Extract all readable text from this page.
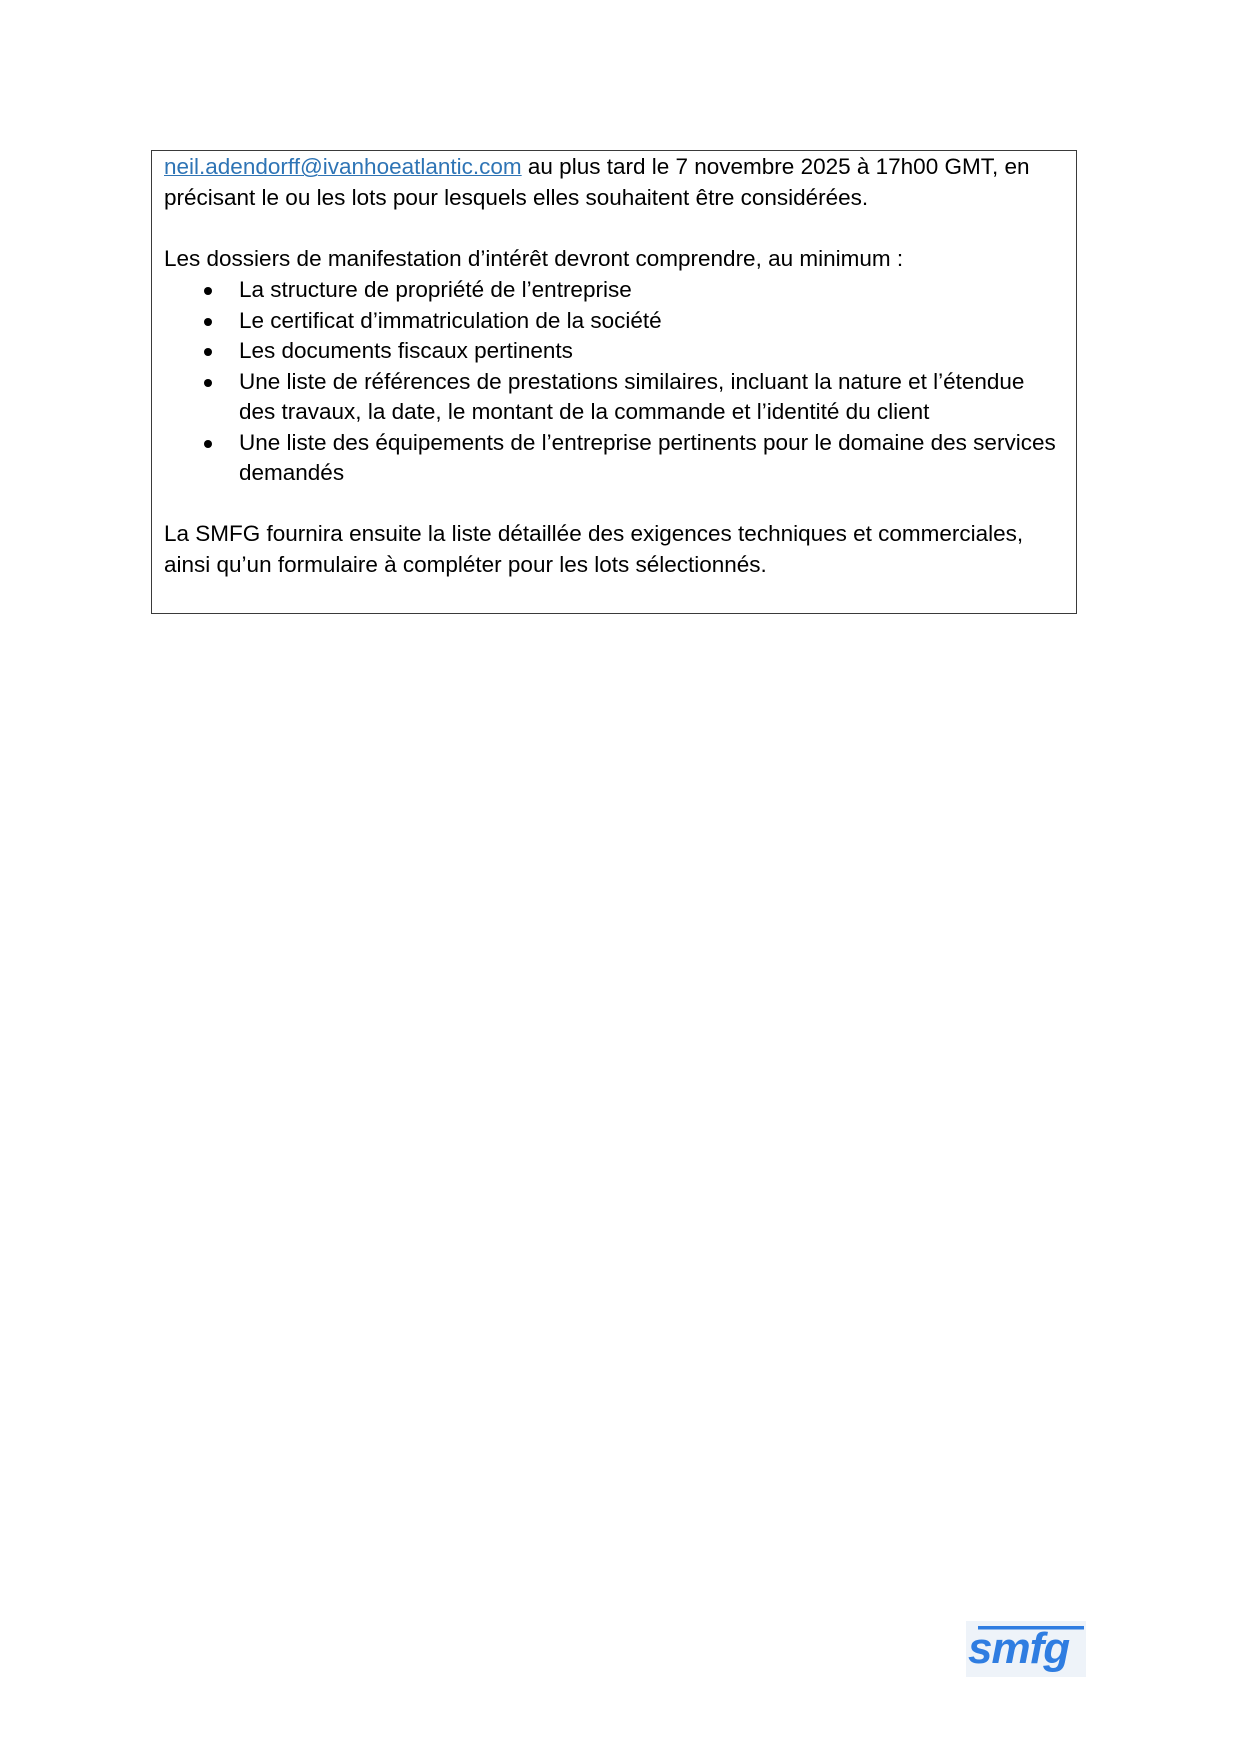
neil.adendorff@ivanhoeatlantic.com au plus tard le 7 novembre 2025 à 17h00 GMT, en précisant le ou les lots pour lesquels elles souhaitent être considérées.

Les dossiers de manifestation d’intérêt devront comprendre, au minimum :

La structure de propriété de l’entreprise
Le certificat d’immatriculation de la société
Les documents fiscaux pertinents
Une liste de références de prestations similaires, incluant la nature et l’étendue des travaux, la date, le montant de la commande et l’identité du client
Une liste des équipements de l’entreprise pertinents pour le domaine des services demandés

La SMFG fournira ensuite la liste détaillée des exigences techniques et commerciales, ainsi qu’un formulaire à compléter pour les lots sélectionnés.

smfg
